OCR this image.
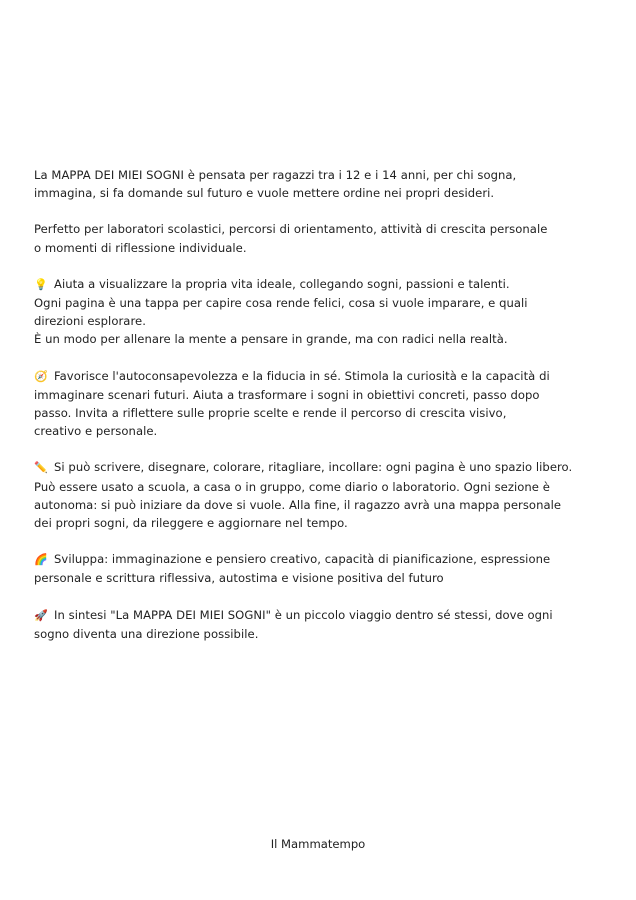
La MAPPA DEI MIEI SOGNI è pensata per ragazzi tra i 12 e i 14 anni, per chi sogna,
immagina, si fa domande sul futuro e vuole mettere ordine nei propri desideri.

Perfetto per laboratori scolastici, percorsi di orientamento, attività di crescita personale
o momenti di riflessione individuale.

💡 Aiuta a visualizzare la propria vita ideale, collegando sogni, passioni e talenti.
Ogni pagina è una tappa per capire cosa rende felici, cosa si vuole imparare, e quali
direzioni esplorare.
È un modo per allenare la mente a pensare in grande, ma con radici nella realtà.

🧭 Favorisce l'autoconsapevolezza e la fiducia in sé. Stimola la curiosità e la capacità di
immaginare scenari futuri. Aiuta a trasformare i sogni in obiettivi concreti, passo dopo
passo. Invita a riflettere sulle proprie scelte e rende il percorso di crescita visivo,
creativo e personale.

✏️ Si può scrivere, disegnare, colorare, ritagliare, incollare: ogni pagina è uno spazio libero.
Può essere usato a scuola, a casa o in gruppo, come diario o laboratorio. Ogni sezione è
autonoma: si può iniziare da dove si vuole. Alla fine, il ragazzo avrà una mappa personale
dei propri sogni, da rileggere e aggiornare nel tempo.

🌈 Sviluppa: immaginazione e pensiero creativo, capacità di pianificazione, espressione
personale e scrittura riflessiva, autostima e visione positiva del futuro

🚀 In sintesi "La MAPPA DEI MIEI SOGNI" è un piccolo viaggio dentro sé stessi, dove ogni
sogno diventa una direzione possibile.

Il Mammatempo
